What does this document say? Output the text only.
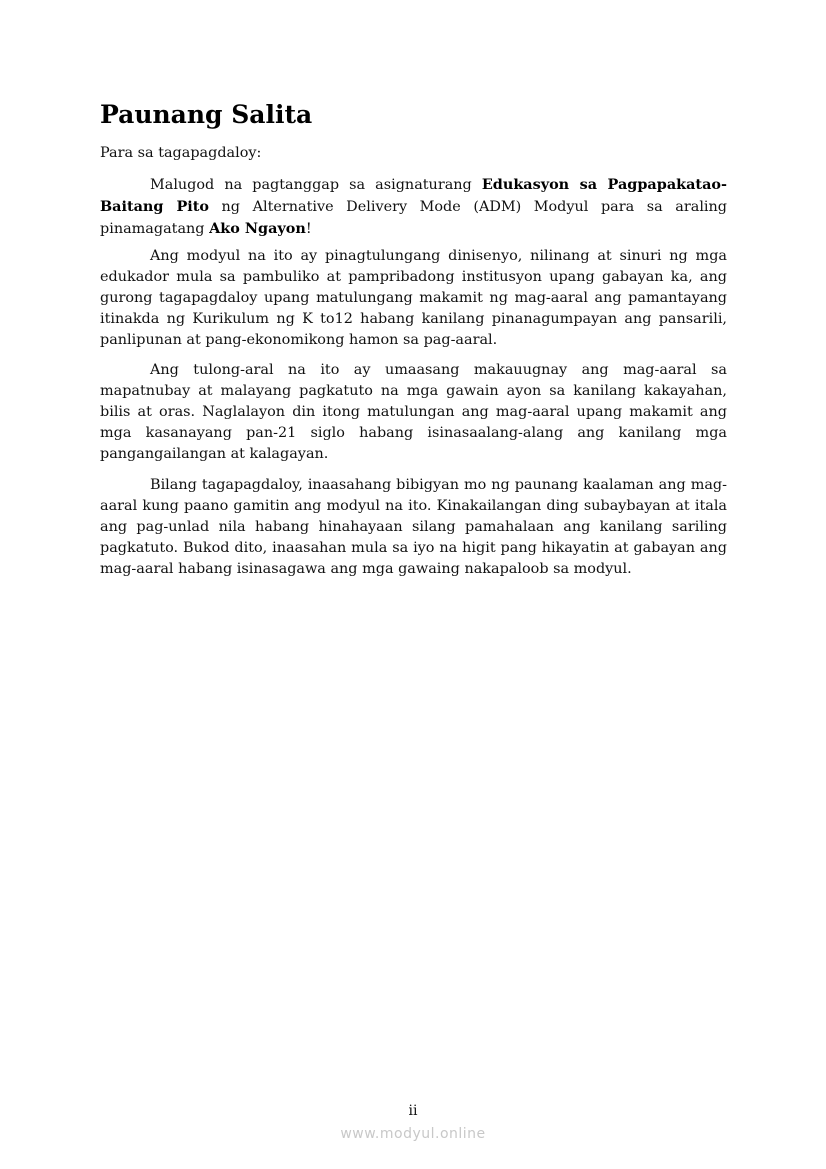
Paunang Salita

Para sa tagapagdaloy:

Malugod na pagtanggap sa asignaturang Edukasyon sa Pagpapakatao- Baitang Pito ng Alternative Delivery Mode (ADM) Modyul para sa araling pinamagatang Ako Ngayon!

Ang modyul na ito ay pinagtulungang dinisenyo, nilinang at sinuri ng mga edukador mula sa pambuliko at pampribadong institusyon upang gabayan ka, ang gurong tagapagdaloy upang matulungang makamit ng mag-aaral ang pamantayang itinakda ng Kurikulum ng K to12 habang kanilang pinanagumpayan ang pansarili, panlipunan at pang-ekonomikong hamon sa pag-aaral.

Ang tulong-aral na ito ay umaasang makauugnay ang mag-aaral sa mapatnubay at malayang pagkatuto na mga gawain ayon sa kanilang kakayahan, bilis at oras. Naglalayon din itong matulungan ang mag-aaral upang makamit ang mga kasanayang pan-21 siglo habang isinasaalang-alang ang kanilang mga pangangailangan at kalagayan.

Bilang tagapagdaloy, inaasahang bibigyan mo ng paunang kaalaman ang mag-aaral kung paano gamitin ang modyul na ito. Kinakailangan ding subaybayan at itala ang pag-unlad nila habang hinahayaan silang pamahalaan ang kanilang sariling pagkatuto. Bukod dito, inaasahan mula sa iyo na higit pang hikayatin at gabayan ang mag-aaral habang isinasagawa ang mga gawaing nakapaloob sa modyul.

ii
www.modyul.online
